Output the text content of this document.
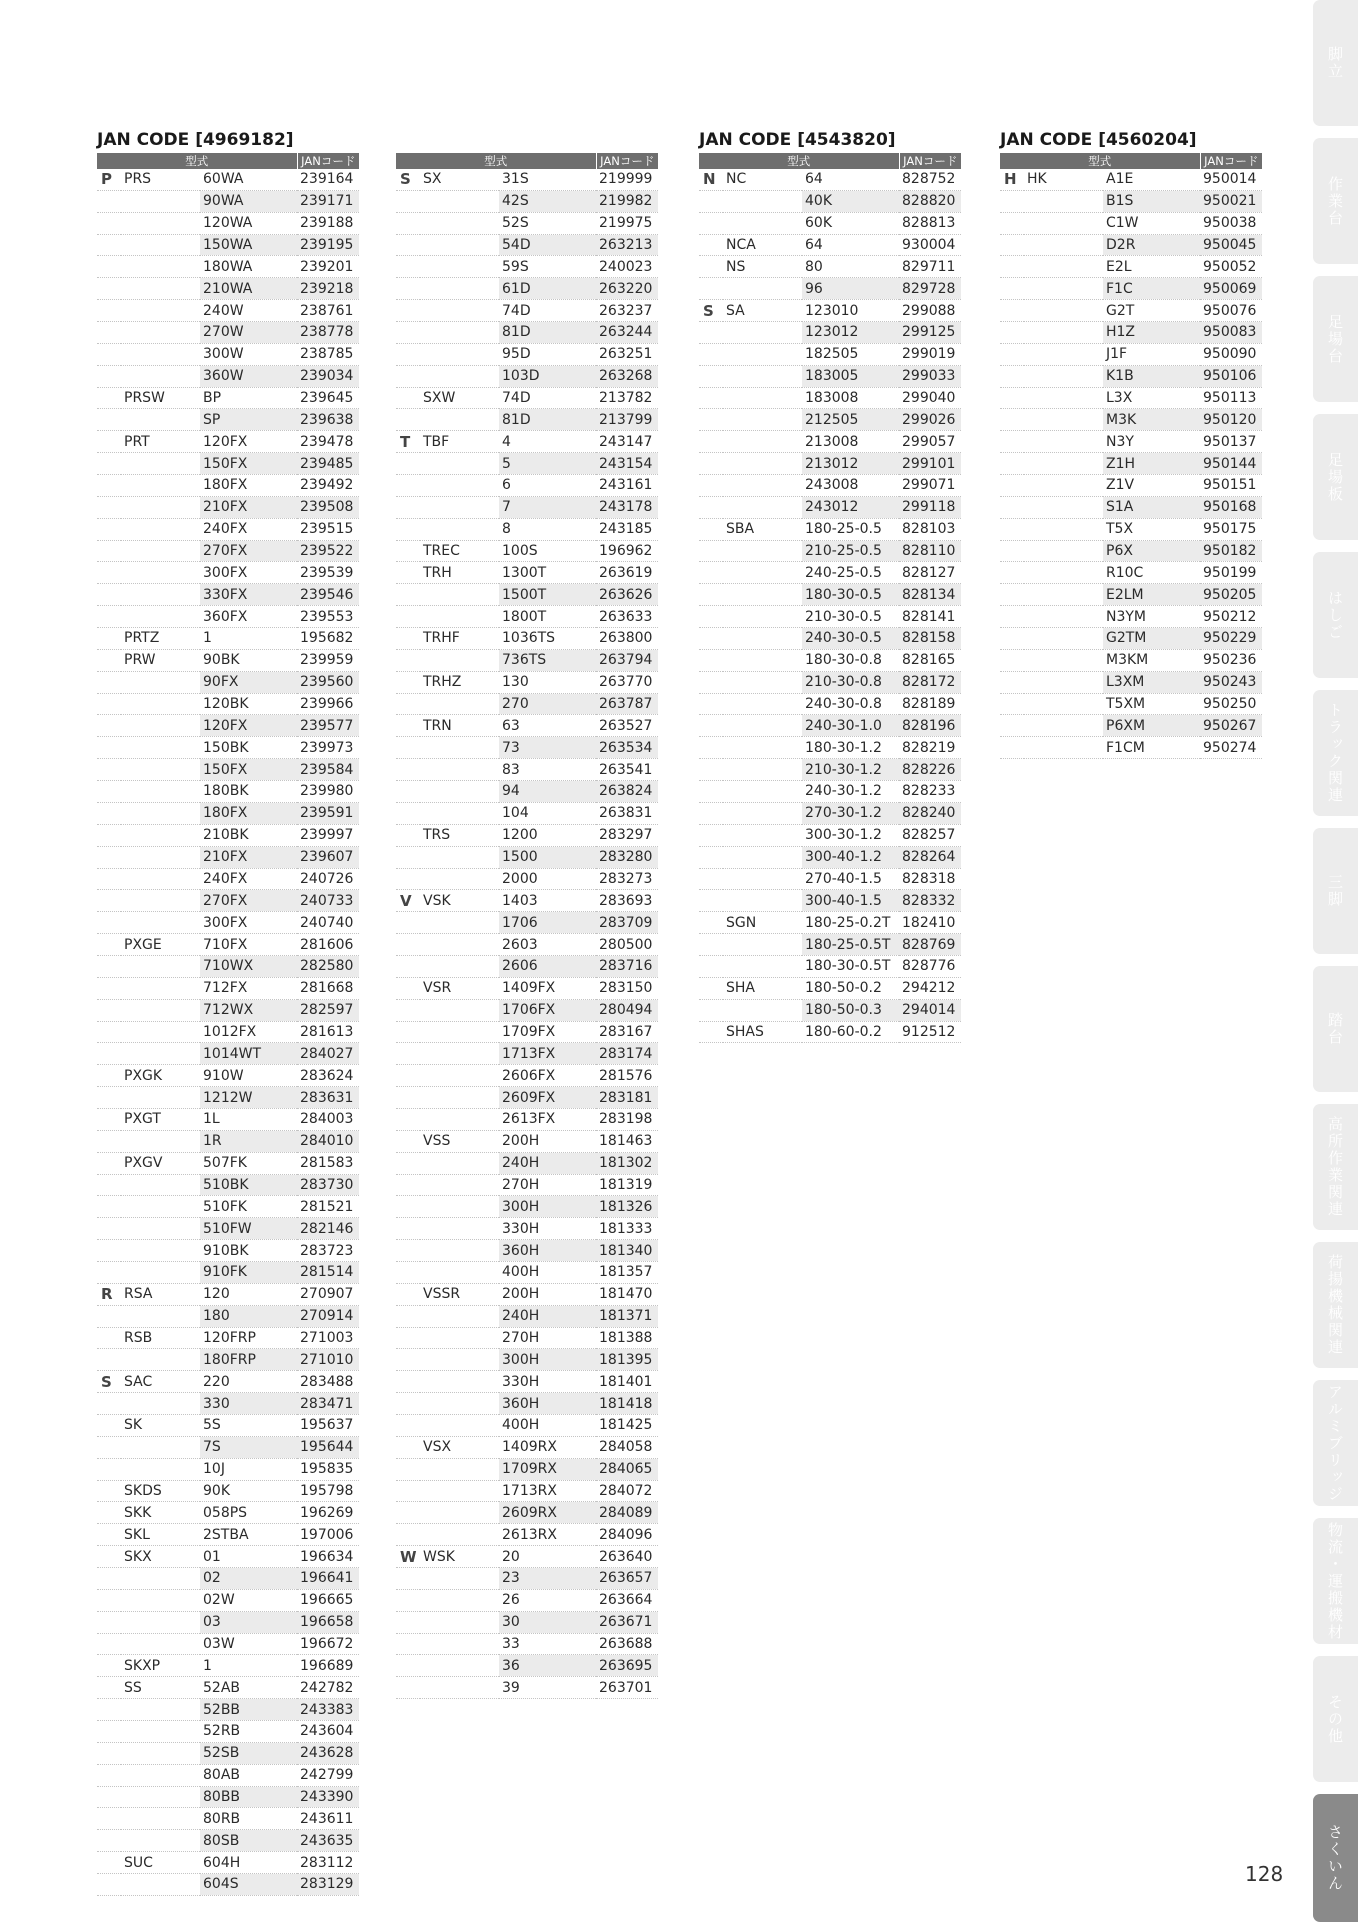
JAN CODE [4969182]
型式			JANコード
P	PRS	60WA	239164
		90WA	239171
		120WA	239188
		150WA	239195
		180WA	239201
		210WA	239218
		240W	238761
		270W	238778
		300W	238785
		360W	239034
	PRSW	BP	239645
		SP	239638
	PRT	120FX	239478
		150FX	239485
		180FX	239492
		210FX	239508
		240FX	239515
		270FX	239522
		300FX	239539
		330FX	239546
		360FX	239553
	PRTZ	1	195682
	PRW	90BK	239959
		90FX	239560
		120BK	239966
		120FX	239577
		150BK	239973
		150FX	239584
		180BK	239980
		180FX	239591
		210BK	239997
		210FX	239607
		240FX	240726
		270FX	240733
		300FX	240740
	PXGE	710FX	281606
		710WX	282580
		712FX	281668
		712WX	282597
		1012FX	281613
		1014WT	284027
	PXGK	910W	283624
		1212W	283631
	PXGT	1L	284003
		1R	284010
	PXGV	507FK	281583
		510BK	283730
		510FK	281521
		510FW	282146
		910BK	283723
		910FK	281514
R	RSA	120	270907
		180	270914
	RSB	120FRP	271003
		180FRP	271010
S	SAC	220	283488
		330	283471
	SK	5S	195637
		7S	195644
		10J	195835
	SKDS	90K	195798
	SKK	058PS	196269
	SKL	2STBA	197006
	SKX	01	196634
		02	196641
		02W	196665
		03	196658
		03W	196672
	SKXP	1	196689
	SS	52AB	242782
		52BB	243383
		52RB	243604
		52SB	243628
		80AB	242799
		80BB	243390
		80RB	243611
		80SB	243635
	SUC	604H	283112
		604S	283129
型式			JANコード
S	SX	31S	219999
		42S	219982
		52S	219975
		54D	263213
		59S	240023
		61D	263220
		74D	263237
		81D	263244
		95D	263251
		103D	263268
	SXW	74D	213782
		81D	213799
T	TBF	4	243147
		5	243154
		6	243161
		7	243178
		8	243185
	TREC	100S	196962
	TRH	1300T	263619
		1500T	263626
		1800T	263633
	TRHF	1036TS	263800
		736TS	263794
	TRHZ	130	263770
		270	263787
	TRN	63	263527
		73	263534
		83	263541
		94	263824
		104	263831
	TRS	1200	283297
		1500	283280
		2000	283273
V	VSK	1403	283693
		1706	283709
		2603	280500
		2606	283716
	VSR	1409FX	283150
		1706FX	280494
		1709FX	283167
		1713FX	283174
		2606FX	281576
		2609FX	283181
		2613FX	283198
	VSS	200H	181463
		240H	181302
		270H	181319
		300H	181326
		330H	181333
		360H	181340
		400H	181357
	VSSR	200H	181470
		240H	181371
		270H	181388
		300H	181395
		330H	181401
		360H	181418
		400H	181425
	VSX	1409RX	284058
		1709RX	284065
		1713RX	284072
		2609RX	284089
		2613RX	284096
W	WSK	20	263640
		23	263657
		26	263664
		30	263671
		33	263688
		36	263695
		39	263701
JAN CODE [4543820]
型式			JANコード
N	NC	64	828752
		40K	828820
		60K	828813
	NCA	64	930004
	NS	80	829711
		96	829728
S	SA	123010	299088
		123012	299125
		182505	299019
		183005	299033
		183008	299040
		212505	299026
		213008	299057
		213012	299101
		243008	299071
		243012	299118
	SBA	180-25-0.5	828103
		210-25-0.5	828110
		240-25-0.5	828127
		180-30-0.5	828134
		210-30-0.5	828141
		240-30-0.5	828158
		180-30-0.8	828165
		210-30-0.8	828172
		240-30-0.8	828189
		240-30-1.0	828196
		180-30-1.2	828219
		210-30-1.2	828226
		240-30-1.2	828233
		270-30-1.2	828240
		300-30-1.2	828257
		300-40-1.2	828264
		270-40-1.5	828318
		300-40-1.5	828332
	SGN	180-25-0.2T	182410
		180-25-0.5T	828769
		180-30-0.5T	828776
	SHA	180-50-0.2	294212
		180-50-0.3	294014
	SHAS	180-60-0.2	912512
JAN CODE [4560204]
型式			JANコード
H	HK	A1E	950014
		B1S	950021
		C1W	950038
		D2R	950045
		E2L	950052
		F1C	950069
		G2T	950076
		H1Z	950083
		J1F	950090
		K1B	950106
		L3X	950113
		M3K	950120
		N3Y	950137
		Z1H	950144
		Z1V	950151
		S1A	950168
		T5X	950175
		P6X	950182
		R10C	950199
		E2LM	950205
		N3YM	950212
		G2TM	950229
		M3KM	950236
		L3XM	950243
		T5XM	950250
		P6XM	950267
		F1CM	950274
脚立
作業台
足場台
足場板
はしご
トラック関連
三脚
踏台
高所作業関連
荷揚機械関連
アルミブリッジ
物流・運搬機材
その他
さくいん
128
